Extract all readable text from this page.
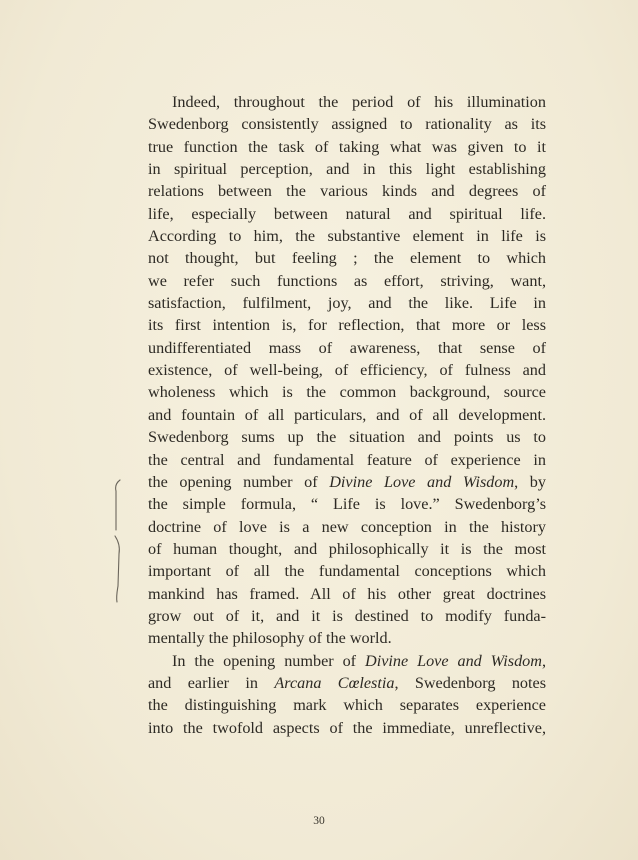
Indeed, throughout the period of his illumination
Swedenborg consistently assigned to rationality as its
true function the task of taking what was given to it
in spiritual perception, and in this light establishing
relations between the various kinds and degrees of
life, especially between natural and spiritual life.
According to him, the substantive element in life is
not thought, but feeling ; the element to which
we refer such functions as effort, striving, want,
satisfaction, fulfilment, joy, and the like. Life in
its first intention is, for reflection, that more or less
undifferentiated mass of awareness, that sense of
existence, of well-being, of efficiency, of fulness and
wholeness which is the common background, source
and fountain of all particulars, and of all development.
Swedenborg sums up the situation and points us to
the central and fundamental feature of experience in
the opening number of Divine Love and Wisdom, by
the simple formula, “ Life is love.” Swedenborg’s
doctrine of love is a new conception in the history
of human thought, and philosophically it is the most
important of all the fundamental conceptions which
mankind has framed. All of his other great doctrines
grow out of it, and it is destined to modify funda-
mentally the philosophy of the world.
In the opening number of Divine Love and Wisdom,
and earlier in Arcana Cœlestia, Swedenborg notes
the distinguishing mark which separates experience
into the twofold aspects of the immediate, unreflective,
30
